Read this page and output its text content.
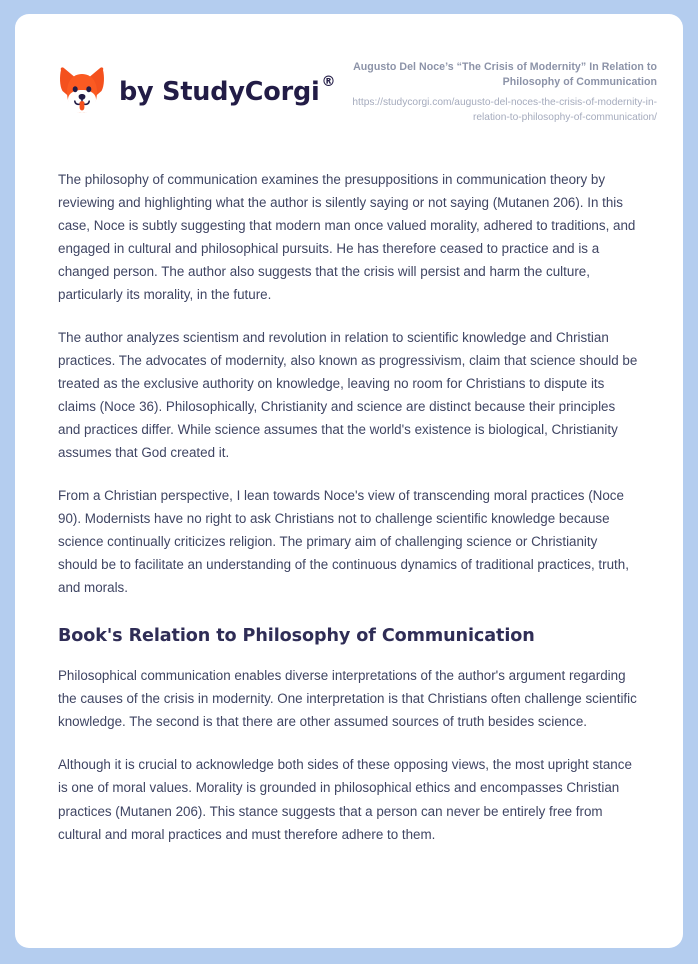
by StudyCorgi ®
Augusto Del Noce’s “The Crisis of Modernity” In Relation to Philosophy of Communication
https://studycorgi.com/augusto-del-noces-the-crisis-of-modernity-in-relation-to-philosophy-of-communication/

The philosophy of communication examines the presuppositions in communication theory by reviewing and highlighting what the author is silently saying or not saying (Mutanen 206). In this case, Noce is subtly suggesting that modern man once valued morality, adhered to traditions, and engaged in cultural and philosophical pursuits. He has therefore ceased to practice and is a changed person. The author also suggests that the crisis will persist and harm the culture, particularly its morality, in the future.

The author analyzes scientism and revolution in relation to scientific knowledge and Christian practices. The advocates of modernity, also known as progressivism, claim that science should be treated as the exclusive authority on knowledge, leaving no room for Christians to dispute its claims (Noce 36). Philosophically, Christianity and science are distinct because their principles and practices differ. While science assumes that the world's existence is biological, Christianity assumes that God created it.

From a Christian perspective, I lean towards Noce's view of transcending moral practices (Noce 90). Modernists have no right to ask Christians not to challenge scientific knowledge because science continually criticizes religion. The primary aim of challenging science or Christianity should be to facilitate an understanding of the continuous dynamics of traditional practices, truth, and morals.

Book's Relation to Philosophy of Communication

Philosophical communication enables diverse interpretations of the author's argument regarding the causes of the crisis in modernity. One interpretation is that Christians often challenge scientific knowledge. The second is that there are other assumed sources of truth besides science.

Although it is crucial to acknowledge both sides of these opposing views, the most upright stance is one of moral values. Morality is grounded in philosophical ethics and encompasses Christian practices (Mutanen 206). This stance suggests that a person can never be entirely free from cultural and moral practices and must therefore adhere to them.
